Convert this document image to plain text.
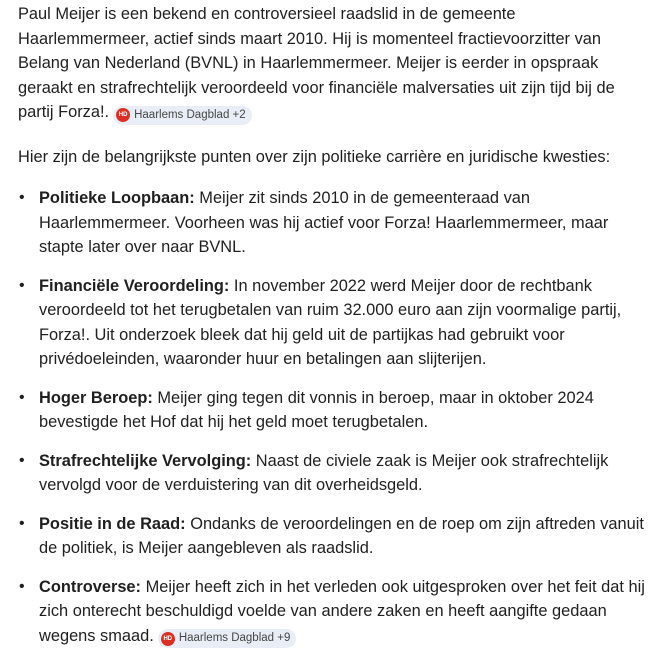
Paul Meijer is een bekend en controversieel raadslid in de gemeente Haarlemmermeer, actief sinds maart 2010. Hij is momenteel fractievoorzitter van Belang van Nederland (BVNL) in Haarlemmermeer. Meijer is eerder in opspraak geraakt en strafrechtelijk veroordeeld voor financiële malversaties uit zijn tijd bij de partij Forza!.	HD Haarlems Dagblad +2

Hier zijn de belangrijkste punten over zijn politieke carrière en juridische kwesties:

• Politieke Loopbaan: Meijer zit sinds 2010 in de gemeenteraad van Haarlemmermeer. Voorheen was hij actief voor Forza! Haarlemmermeer, maar stapte later over naar BVNL.
• Financiële Veroordeling: In november 2022 werd Meijer door de rechtbank veroordeeld tot het terugbetalen van ruim 32.000 euro aan zijn voormalige partij, Forza!. Uit onderzoek bleek dat hij geld uit de partijkas had gebruikt voor privédoeleinden, waaronder huur en betalingen aan slijterijen.
• Hoger Beroep: Meijer ging tegen dit vonnis in beroep, maar in oktober 2024 bevestigde het Hof dat hij het geld moet terugbetalen.
• Strafrechtelijke Vervolging: Naast de civiele zaak is Meijer ook strafrechtelijk vervolgd voor de verduistering van dit overheidsgeld.
• Positie in de Raad: Ondanks de veroordelingen en de roep om zijn aftreden vanuit de politiek, is Meijer aangebleven als raadslid.
• Controverse: Meijer heeft zich in het verleden ook uitgesproken over het feit dat hij zich onterecht beschuldigd voelde van andere zaken en heeft aangifte gedaan wegens smaad.	HD Haarlems Dagblad +9
